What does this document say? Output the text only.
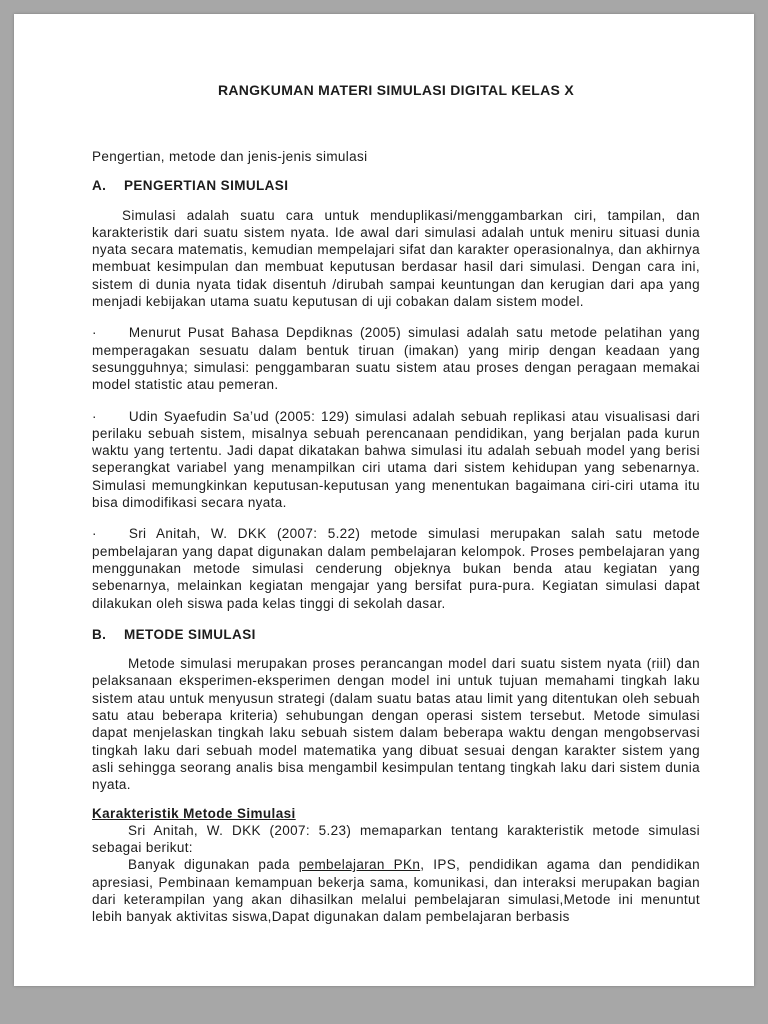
RANGKUMAN MATERI SIMULASI DIGITAL KELAS X

Pengertian, metode dan jenis-jenis simulasi

A. PENGERTIAN SIMULASI

Simulasi adalah suatu cara untuk menduplikasi/menggambarkan ciri, tampilan, dan karakteristik dari suatu sistem nyata. Ide awal dari simulasi adalah untuk meniru situasi dunia nyata secara matematis, kemudian mempelajari sifat dan karakter operasionalnya, dan akhirnya membuat kesimpulan dan membuat keputusan berdasar hasil dari simulasi. Dengan cara ini, sistem di dunia nyata tidak disentuh /dirubah sampai keuntungan dan kerugian dari apa yang menjadi kebijakan utama suatu keputusan di uji cobakan dalam sistem model.

· Menurut Pusat Bahasa Depdiknas (2005) simulasi adalah satu metode pelatihan yang memperagakan sesuatu dalam bentuk tiruan (imakan) yang mirip dengan keadaan yang sesungguhnya; simulasi: penggambaran suatu sistem atau proses dengan peragaan memakai model statistic atau pemeran.

· Udin Syaefudin Sa’ud (2005: 129) simulasi adalah sebuah replikasi atau visualisasi dari perilaku sebuah sistem, misalnya sebuah perencanaan pendidikan, yang berjalan pada kurun waktu yang tertentu. Jadi dapat dikatakan bahwa simulasi itu adalah sebuah model yang berisi seperangkat variabel yang menampilkan ciri utama dari sistem kehidupan yang sebenarnya. Simulasi memungkinkan keputusan-keputusan yang menentukan bagaimana ciri-ciri utama itu bisa dimodifikasi secara nyata.

· Sri Anitah, W. DKK (2007: 5.22) metode simulasi merupakan salah satu metode pembelajaran yang dapat digunakan dalam pembelajaran kelompok. Proses pembelajaran yang menggunakan metode simulasi cenderung objeknya bukan benda atau kegiatan yang sebenarnya, melainkan kegiatan mengajar yang bersifat pura-pura. Kegiatan simulasi dapat dilakukan oleh siswa pada kelas tinggi di sekolah dasar.

B. METODE SIMULASI

Metode simulasi merupakan proses perancangan model dari suatu sistem nyata (riil) dan pelaksanaan eksperimen-eksperimen dengan model ini untuk tujuan memahami tingkah laku sistem atau untuk menyusun strategi (dalam suatu batas atau limit yang ditentukan oleh sebuah satu atau beberapa kriteria) sehubungan dengan operasi sistem tersebut. Metode simulasi dapat menjelaskan tingkah laku sebuah sistem dalam beberapa waktu dengan mengobservasi tingkah laku dari sebuah model matematika yang dibuat sesuai dengan karakter sistem yang asli sehingga seorang analis bisa mengambil kesimpulan tentang tingkah laku dari sistem dunia nyata.

Karakteristik Metode Simulasi

Sri Anitah, W. DKK (2007: 5.23) memaparkan tentang karakteristik metode simulasi sebagai berikut:

Banyak digunakan pada pembelajaran PKn, IPS, pendidikan agama dan pendidikan apresiasi, Pembinaan kemampuan bekerja sama, komunikasi, dan interaksi merupakan bagian dari keterampilan yang akan dihasilkan melalui pembelajaran simulasi,Metode ini menuntut lebih banyak aktivitas siswa,Dapat digunakan dalam pembelajaran berbasis
